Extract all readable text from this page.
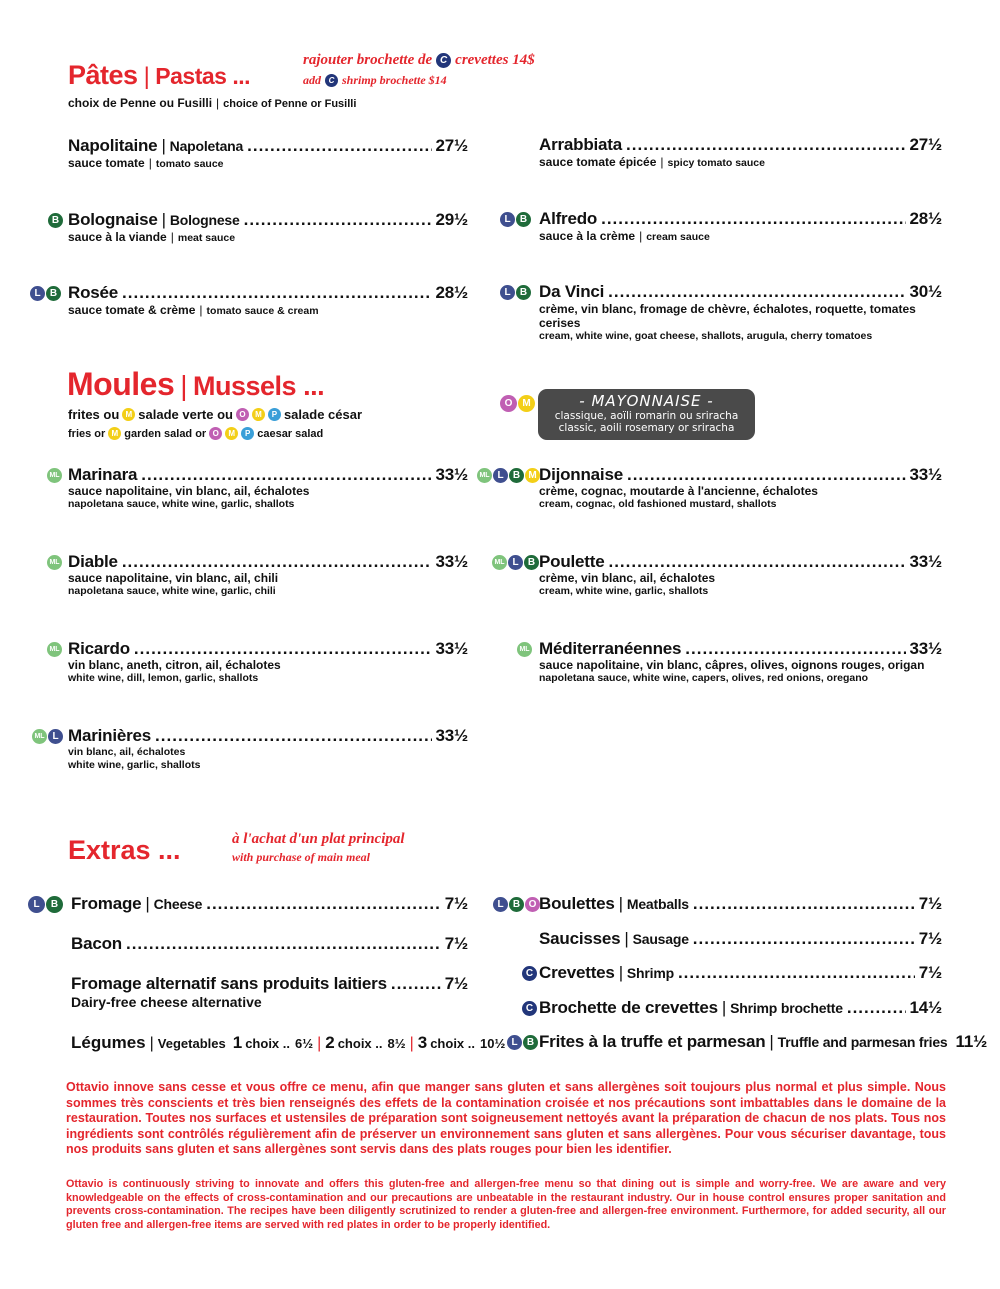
Pâtes | Pastas ...
rajouter brochette de C crevettes 14$
add C shrimp brochette $14
choix de Penne ou Fusilli | choice of Penne or Fusilli
Napolitaine | Napoletana .....	27½
sauce tomate | tomato sauce
B Bolognaise | Bolognese .....	29½
sauce à la viande | meat sauce
L B Rosée .....	28½
sauce tomate & crème | tomato sauce & cream
Arrabbiata .....	27½
sauce tomate épicée | spicy tomato sauce
L B Alfredo .....	28½
sauce à la crème | cream sauce
L B Da Vinci .....	30½
crème, vin blanc, fromage de chèvre, échalotes, roquette, tomates cerises
cream, white wine, goat cheese, shallots, arugula, cherry tomatoes
Moules | Mussels ...
frites ou M salade verte ou O	M	P salade césar
fries or M garden salad or O	M	P caesar salad
O M	- MAYONNAISE -
classique, aoïli romarin ou sriracha
classic, aoili rosemary or sriracha
ML Marinara .....	33½
sauce napolitaine, vin blanc, ail, échalotes
napoletana sauce, white wine, garlic, shallots
ML Diable .....	33½
sauce napolitaine, vin blanc, ail, chili
napoletana sauce, white wine, garlic, chili
ML Ricardo .....	33½
vin blanc, aneth, citron, ail, échalotes
white wine, dill, lemon, garlic, shallots
ML L Marinières .....	33½
vin blanc, ail, échalotes
white wine, garlic, shallots
ML L B M Dijonnaise .....	33½
crème, cognac, moutarde à l'ancienne, échalotes
cream, cognac, old fashioned mustard, shallots
ML L B Poulette .....	33½
crème, vin blanc, ail, échalotes
cream, white wine, garlic, shallots
ML Méditerranéennes .....	33½
sauce napolitaine, vin blanc, câpres, olives, oignons rouges, origan
napoletana sauce, white wine, capers, olives, red onions, oregano
Extras ...	à l'achat d'un plat principal
with purchase of main meal
L	B Fromage | Cheese .....	7½
Bacon .....	7½
Fromage alternatif sans produits laitiers .....	7½
Dairy-free cheese alternative
Légumes | Vegetables 1 choix .. 6½ | 2 choix .. 8½ | 3 choix .. 10½
L B O Boulettes | Meatballs .....	7½
Saucisses | Sausage .....	7½
C Crevettes | Shrimp .....	7½
C Brochette de crevettes | Shrimp brochette .....	14½
L B Frites à la truffe et parmesan | Truffle and parmesan fries 11½
Ottavio innove sans cesse et vous offre ce menu, afin que manger sans gluten et sans allergènes soit toujours plus normal et plus simple. Nous sommes très conscients et très bien renseignés des effets de la contamination croisée et nos précautions sont imbattables dans le domaine de la restauration. Toutes nos surfaces et ustensiles de préparation sont soigneusement nettoyés avant la préparation de chacun de nos plats. Tous nos ingrédients sont contrôlés régulièrement afin de préserver un environnement sans gluten et sans allergènes. Pour vous sécuriser davantage, tous nos produits sans gluten et sans allergènes sont servis dans des plats rouges pour bien les identifier.
Ottavio is continuously striving to innovate and offers this gluten-free and allergen-free menu so that dining out is simple and worry-free. We are aware and very knowledgeable on the effects of cross-contamination and our precautions are unbeatable in the restaurant industry. Our in house control ensures proper sanitation and prevents cross-contamination. The recipes have been diligently scrutinized to render a gluten-free and allergen-free environment. Furthermore, for added security, all our gluten free and allergen-free items are served with red plates in order to be properly identified.
